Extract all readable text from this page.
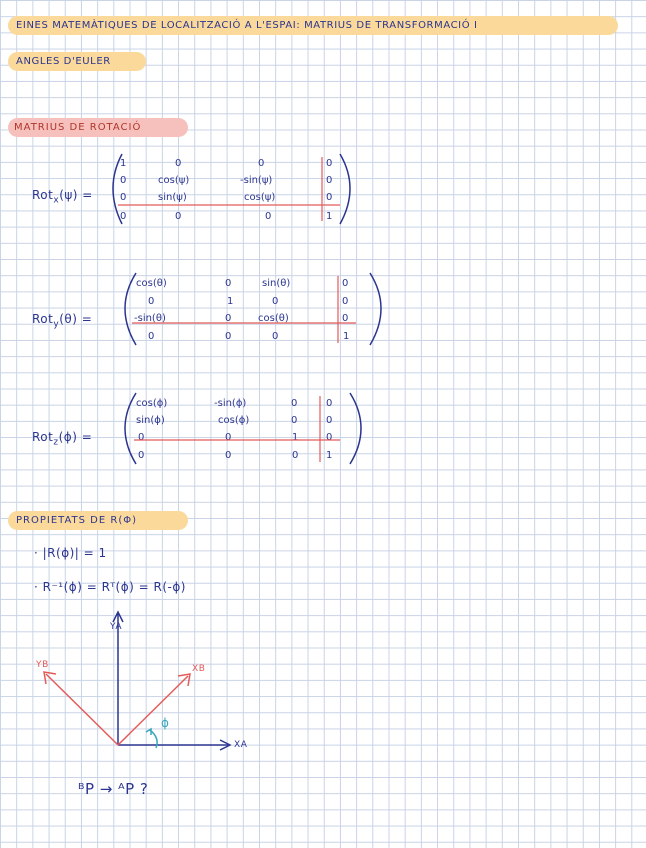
EINES MATEMÀTIQUES DE LOCALITZACIÓ A L'ESPAI: MATRIUS DE TRANSFORMACIÓ I
ANGLES D'EULER
MATRIUS DE ROTACIÓ
Rot$_x$(ψ) =
1	0	0	0
0	cos(ψ)	-sin(ψ)	0
0	sin(ψ)	cos(ψ)	0
0	0	0	1
Rot$_y$(θ) =
cos(θ)	0	sin(θ)	0
0	1	0	0
-sin(θ)	0	cos(θ)	0
0	0	0	1
Rot$_z$(ϕ) =
cos(ϕ)	-sin(ϕ)	0	0
sin(ϕ)	cos(ϕ)	0	0
0	0	1	0
0	0	0	1
PROPIETATS DE R(Φ)
· |R(ϕ)| = 1
· R⁻¹(ϕ) = Rᵀ(ϕ) = R(-ϕ)
YA
XA
YB	XB
ϕ
ᴮP → ᴬP ?
